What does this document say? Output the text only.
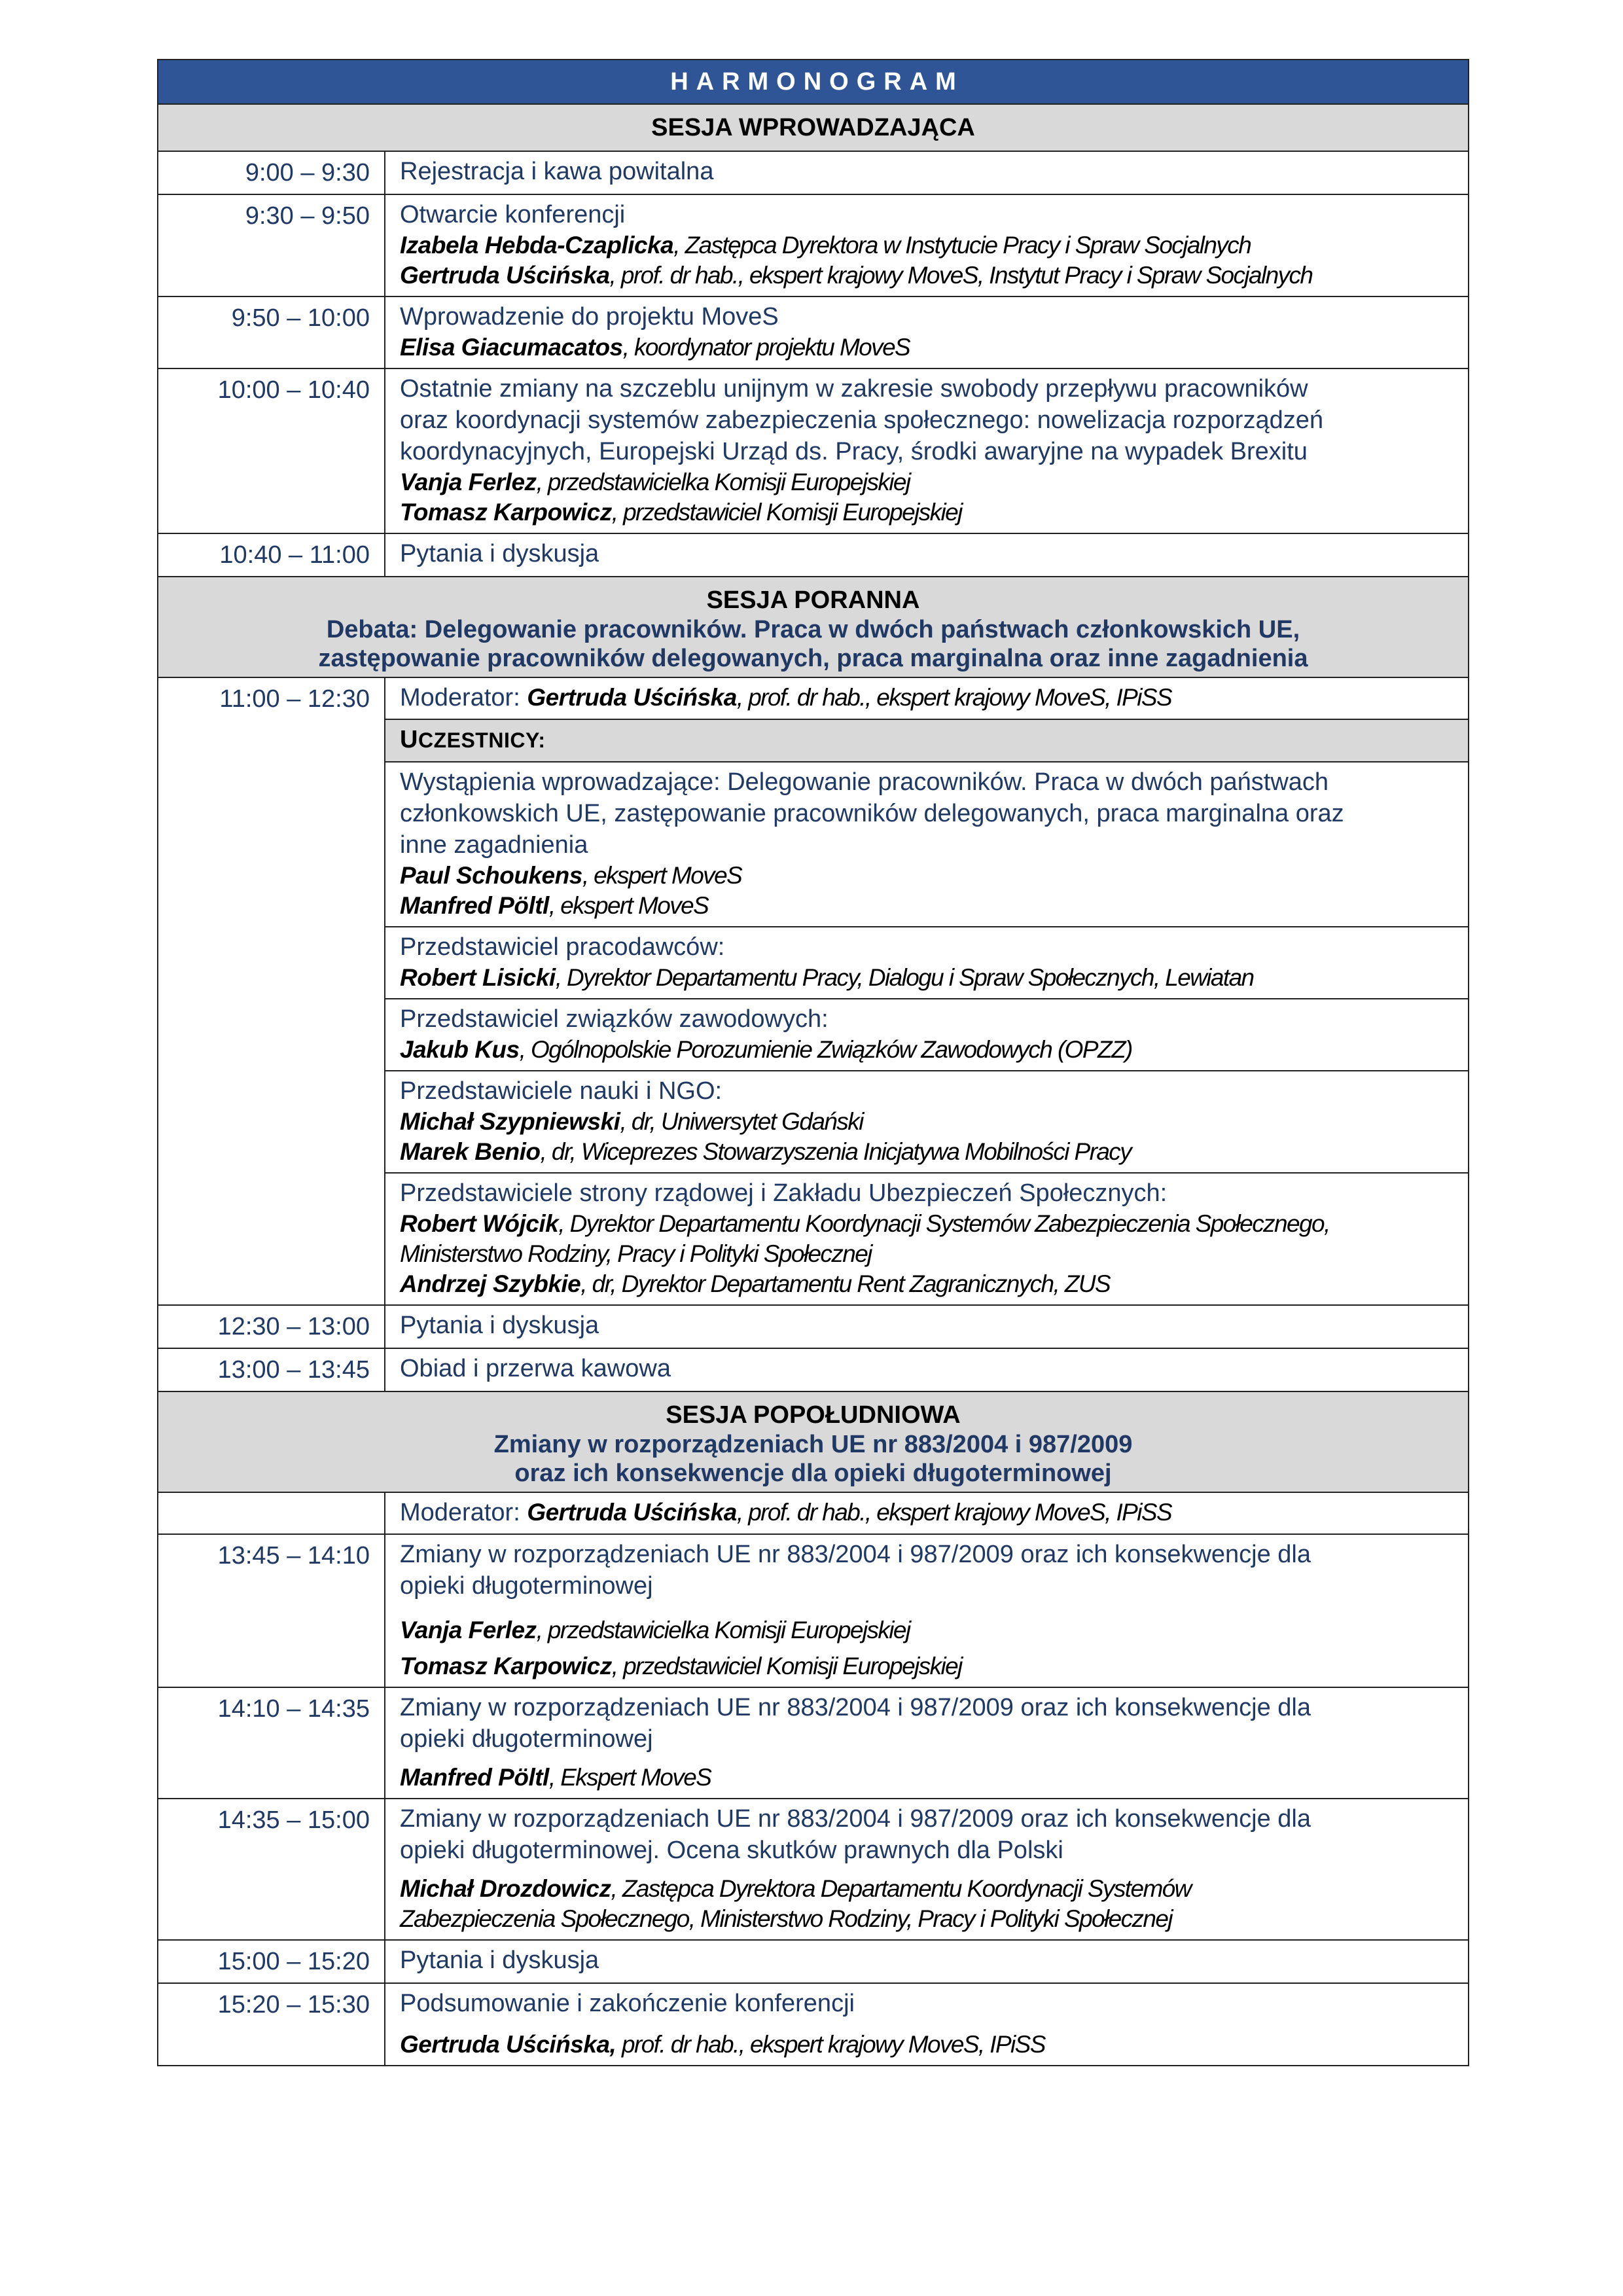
HARMONOGRAM	

SESJA WPROWADZAJĄCA	

9:00 – 9:30	Rejestracja i kawa powitalna

9:30 – 9:50	Otwarcie konferencji
Izabela Hebda-Czaplicka, Zastępca Dyrektora w Instytucie Pracy i Spraw Socjalnych
Gertruda Uścińska, prof. dr hab., ekspert krajowy MoveS, Instytut Pracy i Spraw Socjalnych

9:50 – 10:00	Wprowadzenie do projektu MoveS
Elisa Giacumacatos, koordynator projektu MoveS

10:00 – 10:40	Ostatnie zmiany na szczeblu unijnym w zakresie swobody przepływu pracowników
oraz koordynacji systemów zabezpieczenia społecznego: nowelizacja rozporządzeń
koordynacyjnych, Europejski Urząd ds. Pracy, środki awaryjne na wypadek Brexitu
Vanja Ferlez, przedstawicielka Komisji Europejskiej
Tomasz Karpowicz, przedstawiciel Komisji Europejskiej

10:40 – 11:00	Pytania i dyskusja

SESJA PORANNA
Debata: Delegowanie pracowników. Praca w dwóch państwach członkowskich UE,
zastępowanie pracowników delegowanych, praca marginalna oraz inne zagadnienia	

11:00 – 12:30	Moderator: Gertruda Uścińska, prof. dr hab., ekspert krajowy MoveS, IPiSS

	UCZESTNICY:

	Wystąpienia wprowadzające: Delegowanie pracowników. Praca w dwóch państwach
członkowskich UE, zastępowanie pracowników delegowanych, praca marginalna oraz
inne zagadnienia
Paul Schoukens, ekspert MoveS
Manfred Pöltl, ekspert MoveS

	Przedstawiciel pracodawców:
Robert Lisicki, Dyrektor Departamentu Pracy, Dialogu i Spraw Społecznych, Lewiatan

	Przedstawiciel związków zawodowych:
Jakub Kus, Ogólnopolskie Porozumienie Związków Zawodowych (OPZZ)

	Przedstawiciele nauki i NGO:
Michał Szypniewski, dr, Uniwersytet Gdański
Marek Benio, dr, Wiceprezes Stowarzyszenia Inicjatywa Mobilności Pracy

	Przedstawiciele strony rządowej i Zakładu Ubezpieczeń Społecznych:
Robert Wójcik, Dyrektor Departamentu Koordynacji Systemów Zabezpieczenia Społecznego,
Ministerstwo Rodziny, Pracy i Polityki Społecznej
Andrzej Szybkie, dr, Dyrektor Departamentu Rent Zagranicznych, ZUS

12:30 – 13:00	Pytania i dyskusja

13:00 – 13:45	Obiad i przerwa kawowa

SESJA POPOŁUDNIOWA
Zmiany w rozporządzeniach UE nr 883/2004 i 987/2009
oraz ich konsekwencje dla opieki długoterminowej	

	Moderator: Gertruda Uścińska, prof. dr hab., ekspert krajowy MoveS, IPiSS

13:45 – 14:10	Zmiany w rozporządzeniach UE nr 883/2004 i 987/2009 oraz ich konsekwencje dla
opieki długoterminowej
Vanja Ferlez, przedstawicielka Komisji Europejskiej
Tomasz Karpowicz, przedstawiciel Komisji Europejskiej

14:10 – 14:35	Zmiany w rozporządzeniach UE nr 883/2004 i 987/2009 oraz ich konsekwencje dla
opieki długoterminowej
Manfred Pöltl, Ekspert MoveS

14:35 – 15:00	Zmiany w rozporządzeniach UE nr 883/2004 i 987/2009 oraz ich konsekwencje dla
opieki długoterminowej. Ocena skutków prawnych dla Polski
Michał Drozdowicz, Zastępca Dyrektora Departamentu Koordynacji Systemów
Zabezpieczenia Społecznego, Ministerstwo Rodziny, Pracy i Polityki Społecznej

15:00 – 15:20	Pytania i dyskusja

15:20 – 15:30	Podsumowanie i zakończenie konferencji
Gertruda Uścińska, prof. dr hab., ekspert krajowy MoveS, IPiSS
